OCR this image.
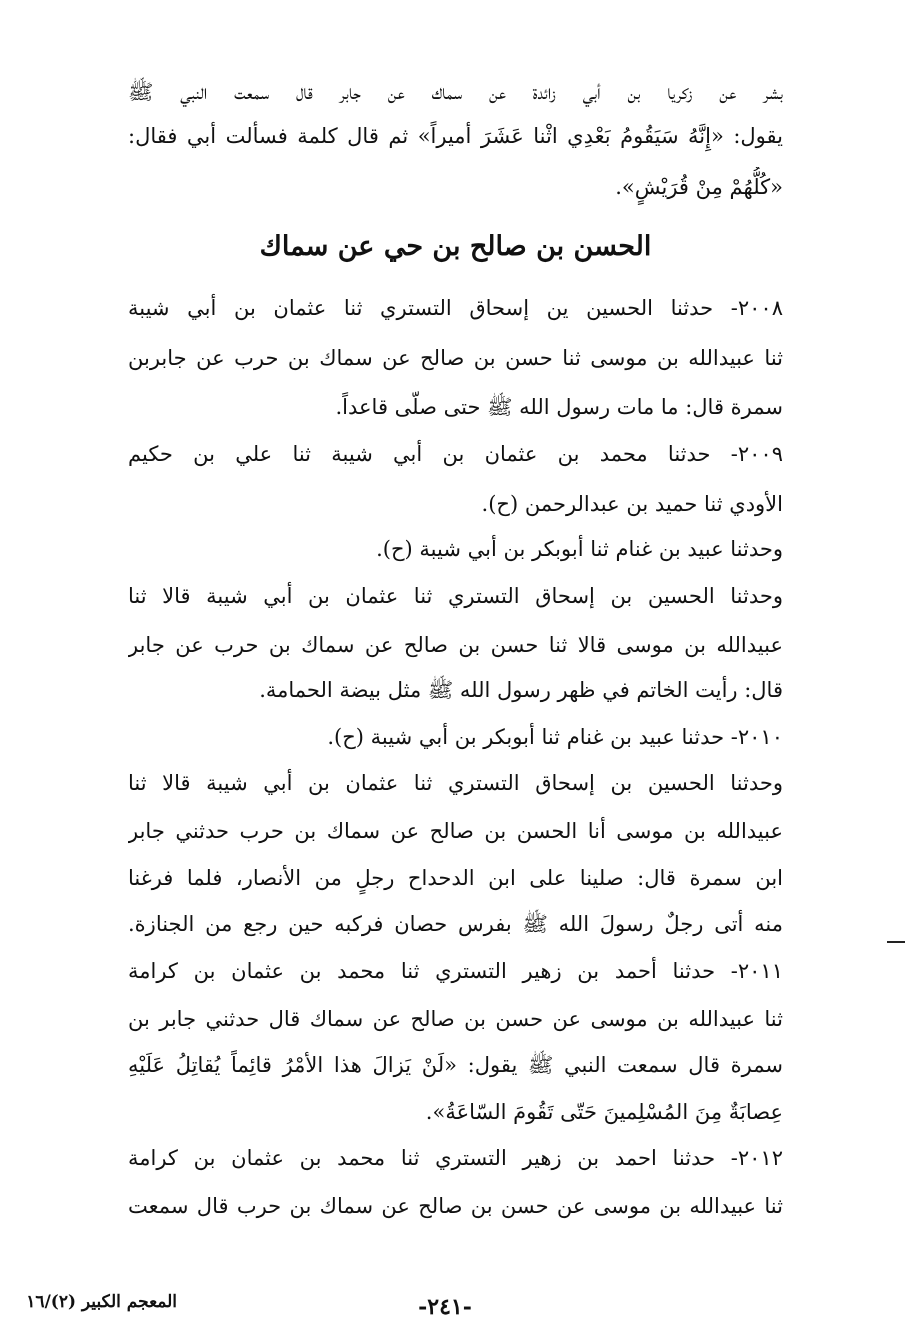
بشر عن زكريا بن أبي زائدة عن سماك عن جابر قال سمعت النبي ﷺ
يقول: «إِنَّهُ سَيَقُومُ بَعْدِي اثْنا عَشَرَ أميراً» ثم قال كلمة فسألت أبي فقال:
«كُلُّهُمْ مِنْ قُرَيْشٍ».
الحسن بن صالح بن حي عن سماك
٢٠٠٨- حدثنا الحسين ين إسحاق التستري ثنا عثمان بن أبي شيبة
ثنا عبيدالله بن موسى ثنا حسن بن صالح عن سماك بن حرب عن جابربن
سمرة قال: ما مات رسول الله ﷺ حتى صلّى قاعداً.
٢٠٠٩- حدثنا محمد بن عثمان بن أبي شيبة ثنا علي بن حكيم
الأودي ثنا حميد بن عبدالرحمن (ح).
وحدثنا عبيد بن غنام ثنا أبوبكر بن أبي شيبة (ح).
وحدثنا الحسين بن إسحاق التستري ثنا عثمان بن أبي شيبة قالا ثنا
عبيدالله بن موسى قالا ثنا حسن بن صالح عن سماك بن حرب عن جابر
قال: رأيت الخاتم في ظهر رسول الله ﷺ مثل بيضة الحمامة.
٢٠١٠- حدثنا عبيد بن غنام ثنا أبوبكر بن أبي شيبة (ح).
وحدثنا الحسين بن إسحاق التستري ثنا عثمان بن أبي شيبة قالا ثنا
عبيدالله بن موسى أنا الحسن بن صالح عن سماك بن حرب حدثني جابر
ابن سمرة قال: صلينا على ابن الدحداح رجلٍ من الأنصار، فلما فرغنا
منه أتى رجلٌ رسولَ الله ﷺ بفرس حصان فركبه حين رجع من الجنازة.
٢٠١١- حدثنا أحمد بن زهير التستري ثنا محمد بن عثمان بن كرامة
ثنا عبيدالله بن موسى عن حسن بن صالح عن سماك قال حدثني جابر بن
سمرة قال سمعت النبي ﷺ يقول: «لَنْ يَزالَ هذا الأمْرُ قائِماً يُقاتِلُ عَلَيْهِ
عِصابَةٌ مِنَ المُسْلِمينَ حَتّى تَقُومَ السّاعَةُ».
٢٠١٢- حدثنا احمد بن زهير التستري ثنا محمد بن عثمان بن كرامة
ثنا عبيدالله بن موسى عن حسن بن صالح عن سماك بن حرب قال سمعت
-٢٤١-
المعجم الكبير (٢)/١٦
